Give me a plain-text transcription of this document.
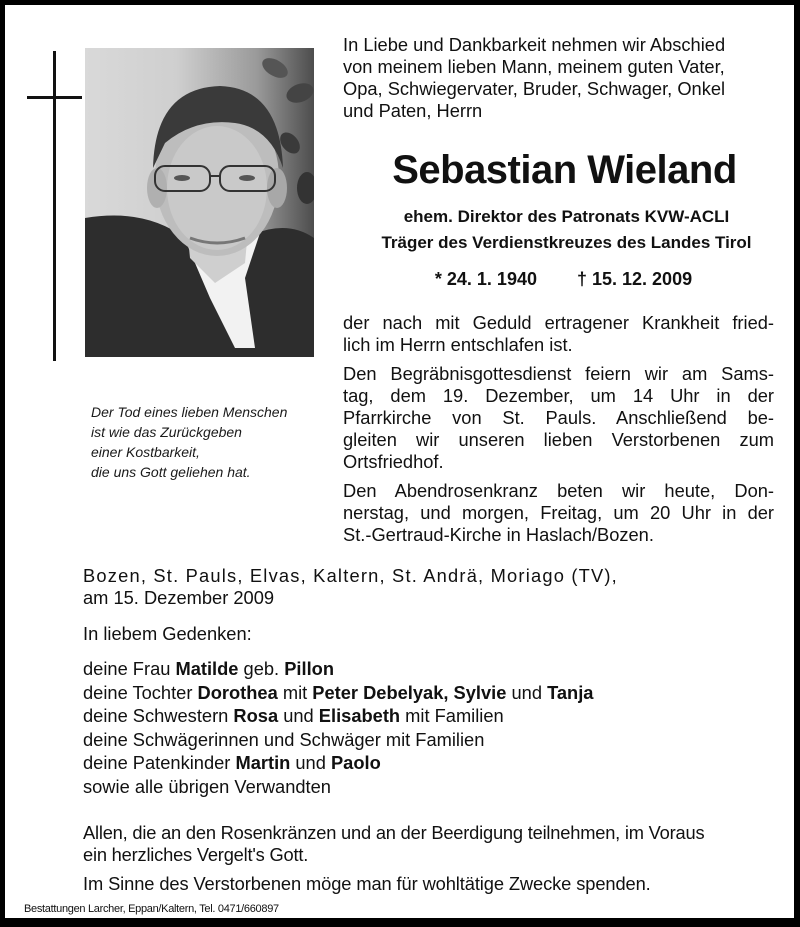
Der Tod eines lieben Menschen
ist wie das Zurückgeben
einer Kostbarkeit,
die uns Gott geliehen hat.
In Liebe und Dankbarkeit nehmen wir Abschied
von meinem lieben Mann, meinem guten Vater,
Opa, Schwiegervater, Bruder, Schwager, Onkel
und Paten, Herrn
Sebastian Wieland
ehem. Direktor des Patronats KVW-ACLI
Träger des Verdienstkreuzes des Landes Tirol
* 24. 1. 1940 † 15. 12. 2009
der nach mit Geduld ertragener Krankheit fried-
lich im Herrn entschlafen ist.
Den Begräbnisgottesdienst feiern wir am Sams-
tag, dem 19. Dezember, um 14 Uhr in der
Pfarrkirche von St. Pauls. Anschließend be-
gleiten wir unseren lieben Verstorbenen zum
Ortsfriedhof.
Den Abendrosenkranz beten wir heute, Don-
nerstag, und morgen, Freitag, um 20 Uhr in der
St.-Gertraud-Kirche in Haslach/Bozen.
Bozen, St. Pauls, Elvas, Kaltern, St. Andrä, Moriago (TV),
am 15. Dezember 2009
In liebem Gedenken:
deine Frau Matilde geb. Pillon
deine Tochter Dorothea mit Peter Debelyak, Sylvie und Tanja
deine Schwestern Rosa und Elisabeth mit Familien
deine Schwägerinnen und Schwäger mit Familien
deine Patenkinder Martin und Paolo
sowie alle übrigen Verwandten
Allen, die an den Rosenkränzen und an der Beerdigung teilnehmen, im Voraus
ein herzliches Vergelt's Gott.
Im Sinne des Verstorbenen möge man für wohltätige Zwecke spenden.
Bestattungen Larcher, Eppan/Kaltern, Tel. 0471/660897
